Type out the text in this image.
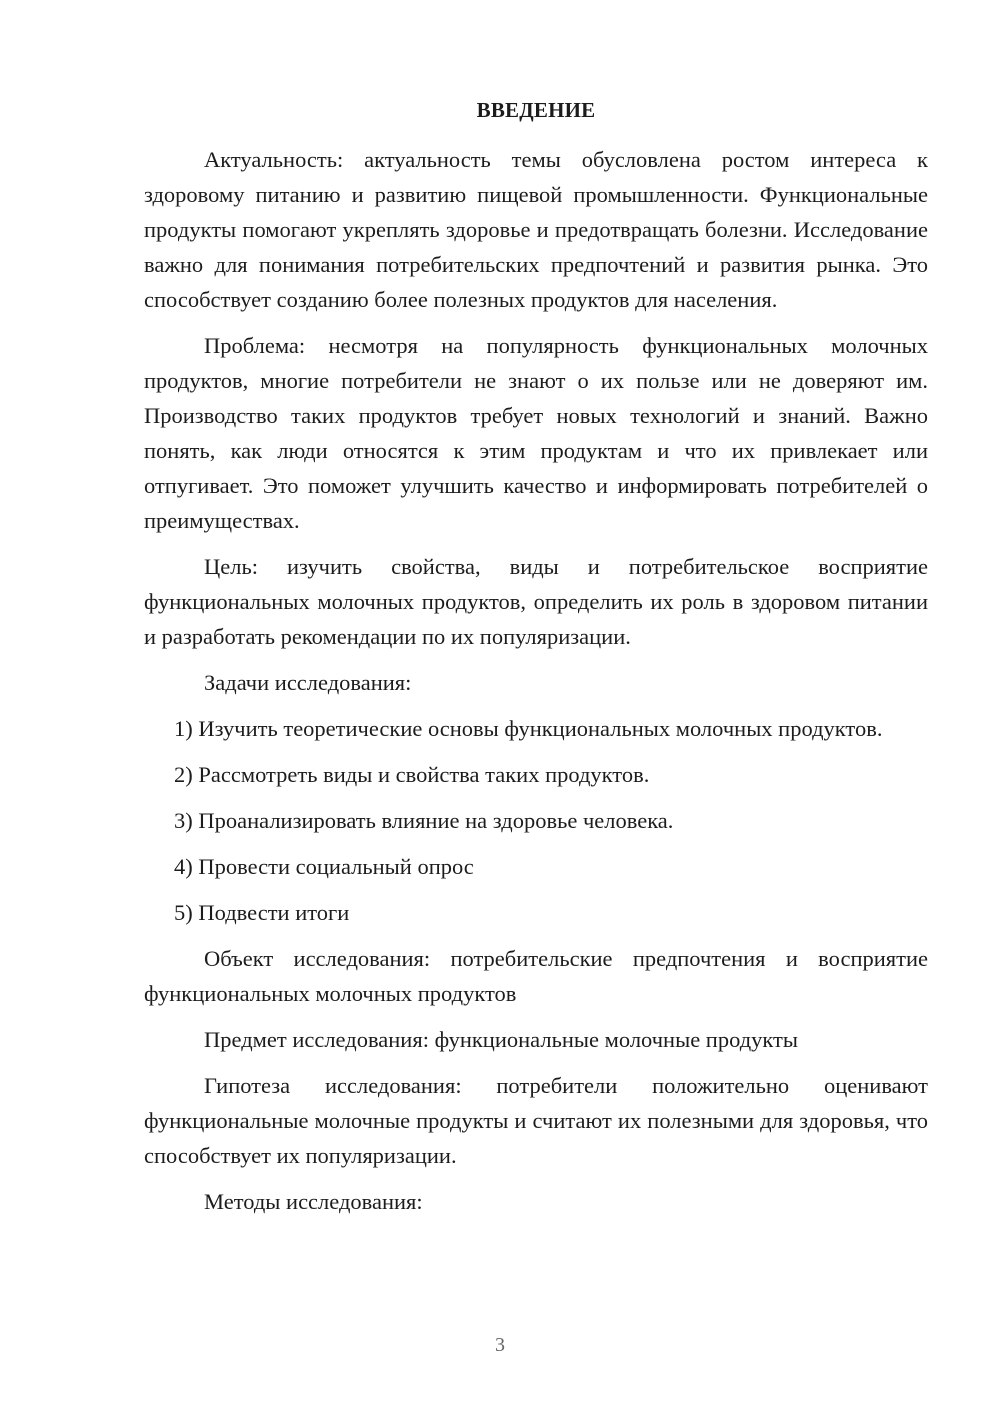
ВВЕДЕНИЕ

Актуальность: актуальность темы обусловлена ростом интереса к здоровому питанию и развитию пищевой промышленности. Функциональные продукты помогают укреплять здоровье и предотвращать болезни. Исследование важно для понимания потребительских предпочтений и развития рынка. Это способствует созданию более полезных продуктов для населения.

Проблема: несмотря на популярность функциональных молочных продуктов, многие потребители не знают о их пользе или не доверяют им. Производство таких продуктов требует новых технологий и знаний. Важно понять, как люди относятся к этим продуктам и что их привлекает или отпугивает. Это поможет улучшить качество и информировать потребителей о преимуществах.

Цель: изучить свойства, виды и потребительское восприятие функциональных молочных продуктов, определить их роль в здоровом питании и разработать рекомендации по их популяризации.

Задачи исследования:

1) Изучить теоретические основы функциональных молочных продуктов.

2) Рассмотреть виды и свойства таких продуктов.

3) Проанализировать влияние на здоровье человека.

4) Провести социальный опрос

5) Подвести итоги

Объект исследования: потребительские предпочтения и восприятие функциональных молочных продуктов

Предмет исследования: функциональные молочные продукты

Гипотеза исследования: потребители положительно оценивают функциональные молочные продукты и считают их полезными для здоровья, что способствует их популяризации.

Методы исследования:

3
